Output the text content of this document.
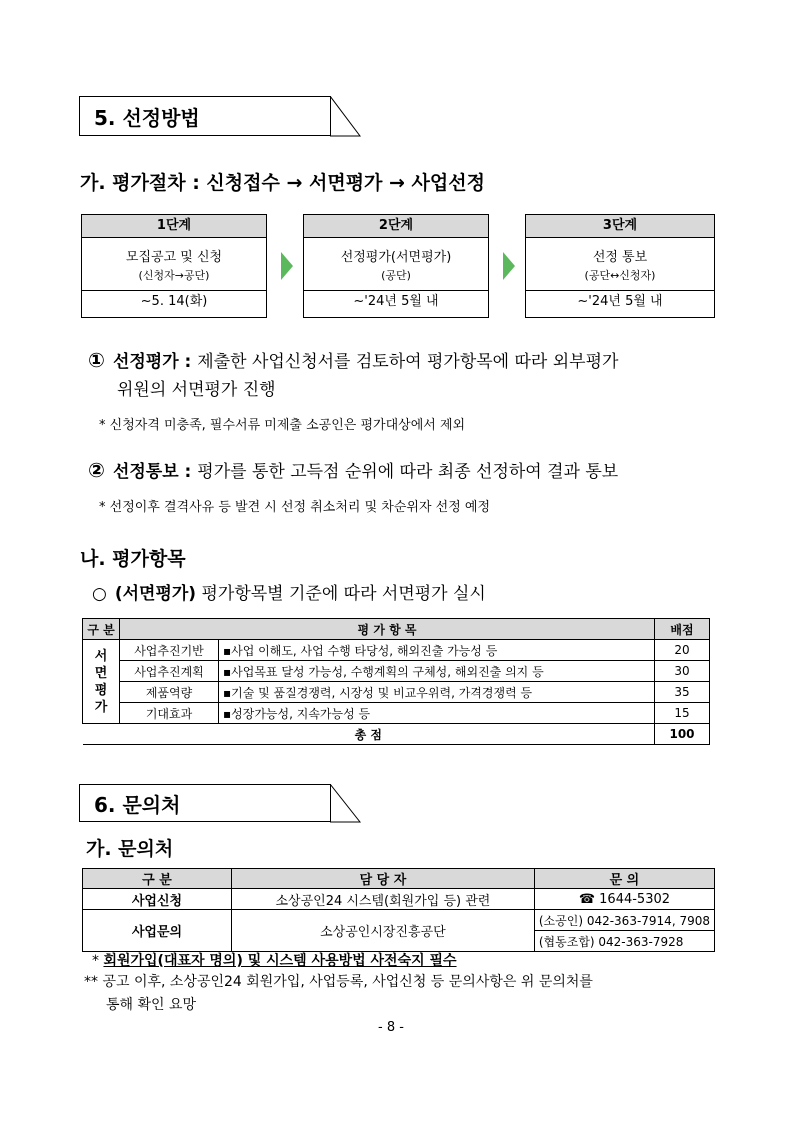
5. 선정방법
가. 평가절차 : 신청접수 → 서면평가 → 사업선정
1단계
모집공고 및 신청
(신청자→공단)
~5. 14(화)
2단계
선정평가(서면평가)
(공단)
~'24년 5월 내
3단계
선정 통보
(공단↔신청자)
~'24년 5월 내
① 선정평가 : 제출한 사업신청서를 검토하여 평가항목에 따라 외부평가
위원의 서면평가 진행
* 신청자격 미충족, 필수서류 미제출 소공인은 평가대상에서 제외
② 선정통보 : 평가를 통한 고득점 순위에 따라 최종 선정하여 결과 통보
* 선정이후 결격사유 등 발견 시 선정 취소처리 및 차순위자 선정 예정
나. 평가항목
○ (서면평가) 평가항목별 기준에 따라 서면평가 실시
구 분	평 가 항 목		배점
서
면
평
가	사업추진기반	▪사업 이해도, 사업 수행 타당성, 해외진출 가능성 등	20
	사업추진계획	▪사업목표 달성 가능성, 수행계획의 구체성, 해외진출 의지 등	30
	제품역량	▪기술 및 품질경쟁력, 시장성 및 비교우위력, 가격경쟁력 등	35
	기대효과	▪성장가능성, 지속가능성 등	15
총 점			100
6. 문의처
가. 문의처
구 분	담 당 자	문 의
사업신청	소상공인24 시스템(회원가입 등) 관련	☎ 1644-5302
사업문의	소상공인시장진흥공단	(소공인) 042-363-7914, 7908
		(협동조합) 042-363-7928
* 회원가입(대표자 명의) 및 시스템 사용방법 사전숙지 필수
** 공고 이후, 소상공인24 회원가입, 사업등록, 사업신청 등 문의사항은 위 문의처를
통해 확인 요망
- 8 -
